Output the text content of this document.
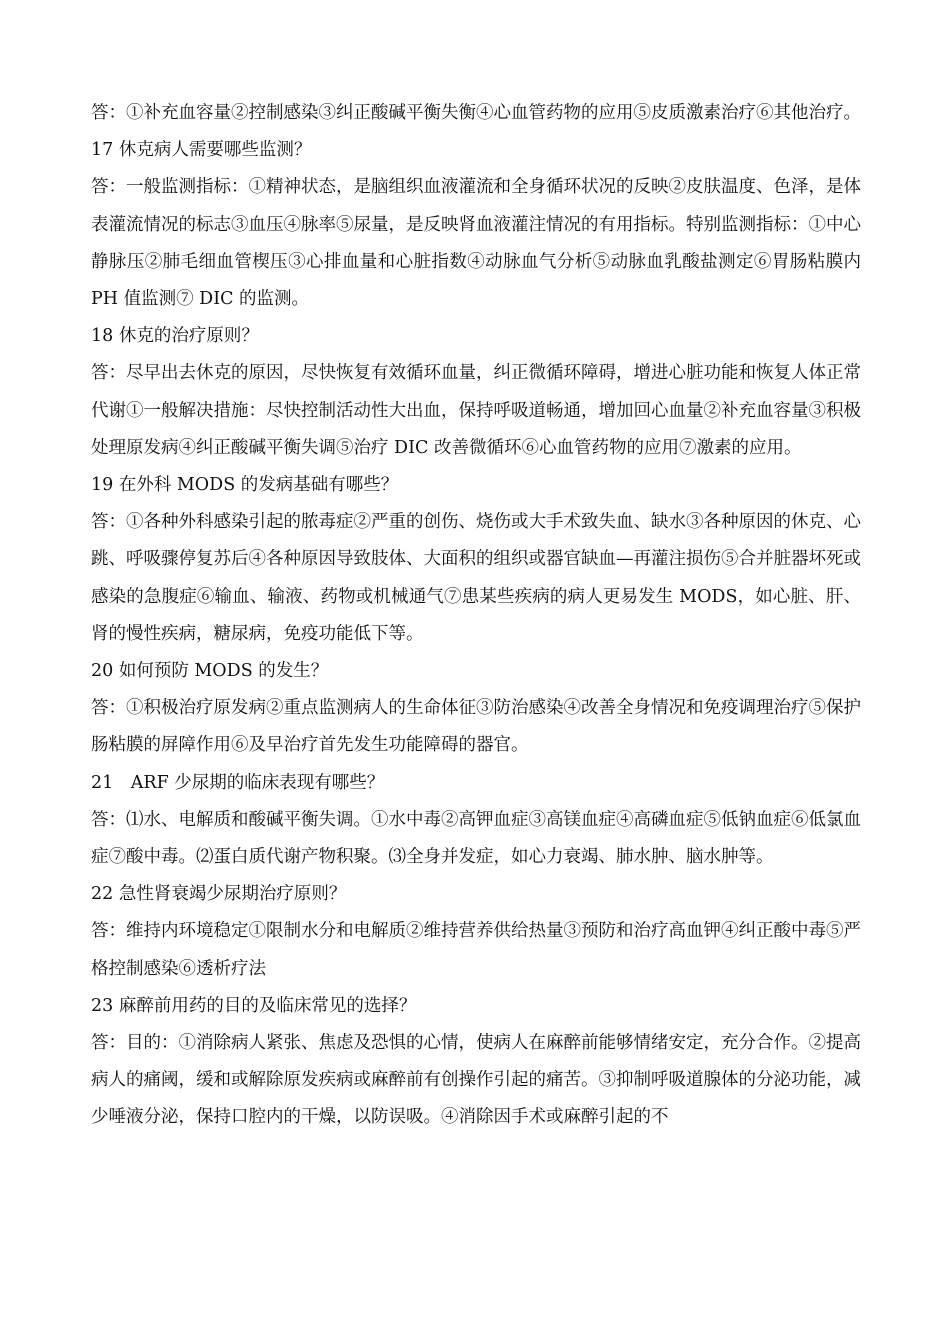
答：①补充血容量②控制感染③纠正酸碱平衡失衡④心血管药物的应用⑤皮质激素治疗⑥其他治疗。

17 休克病人需要哪些监测？

答：一般监测指标：①精神状态，是脑组织血液灌流和全身循环状况的反映②皮肤温度、色泽，是体表灌流情况的标志③血压④脉率⑤尿量，是反映肾血液灌注情况的有用指标。特别监测指标：①中心静脉压②肺毛细血管楔压③心排血量和心脏指数④动脉血气分析⑤动脉血乳酸盐测定⑥胃肠粘膜内 PH 值监测⑦ DIC 的监测。

18 休克的治疗原则？

答：尽早出去休克的原因，尽快恢复有效循环血量，纠正微循环障碍，增进心脏功能和恢复人体正常代谢①一般解决措施：尽快控制活动性大出血，保持呼吸道畅通，增加回心血量②补充血容量③积极处理原发病④纠正酸碱平衡失调⑤治疗 DIC 改善微循环⑥心血管药物的应用⑦激素的应用。

19 在外科 MODS 的发病基础有哪些？

答：①各种外科感染引起的脓毒症②严重的创伤、烧伤或大手术致失血、缺水③各种原因的休克、心跳、呼吸骤停复苏后④各种原因导致肢体、大面积的组织或器官缺血—再灌注损伤⑤合并脏器坏死或感染的急腹症⑥输血、输液、药物或机械通气⑦患某些疾病的病人更易发生 MODS，如心脏、肝、肾的慢性疾病，糖尿病，免疫功能低下等。

20 如何预防 MODS 的发生？

答：①积极治疗原发病②重点监测病人的生命体征③防治感染④改善全身情况和免疫调理治疗⑤保护肠粘膜的屏障作用⑥及早治疗首先发生功能障碍的器官。

21　ARF 少尿期的临床表现有哪些？

答：⑴水、电解质和酸碱平衡失调。①水中毒②高钾血症③高镁血症④高磷血症⑤低钠血症⑥低氯血症⑦酸中毒。⑵蛋白质代谢产物积聚。⑶全身并发症，如心力衰竭、肺水肿、脑水肿等。

22 急性肾衰竭少尿期治疗原则？

答：维持内环境稳定①限制水分和电解质②维持营养供给热量③预防和治疗高血钾④纠正酸中毒⑤严格控制感染⑥透析疗法

23 麻醉前用药的目的及临床常见的选择？

答：目的：①消除病人紧张、焦虑及恐惧的心情，使病人在麻醉前能够情绪安定，充分合作。②提高病人的痛阈，缓和或解除原发疾病或麻醉前有创操作引起的痛苦。③抑制呼吸道腺体的分泌功能，减少唾液分泌，保持口腔内的干燥，以防误吸。④消除因手术或麻醉引起的不
